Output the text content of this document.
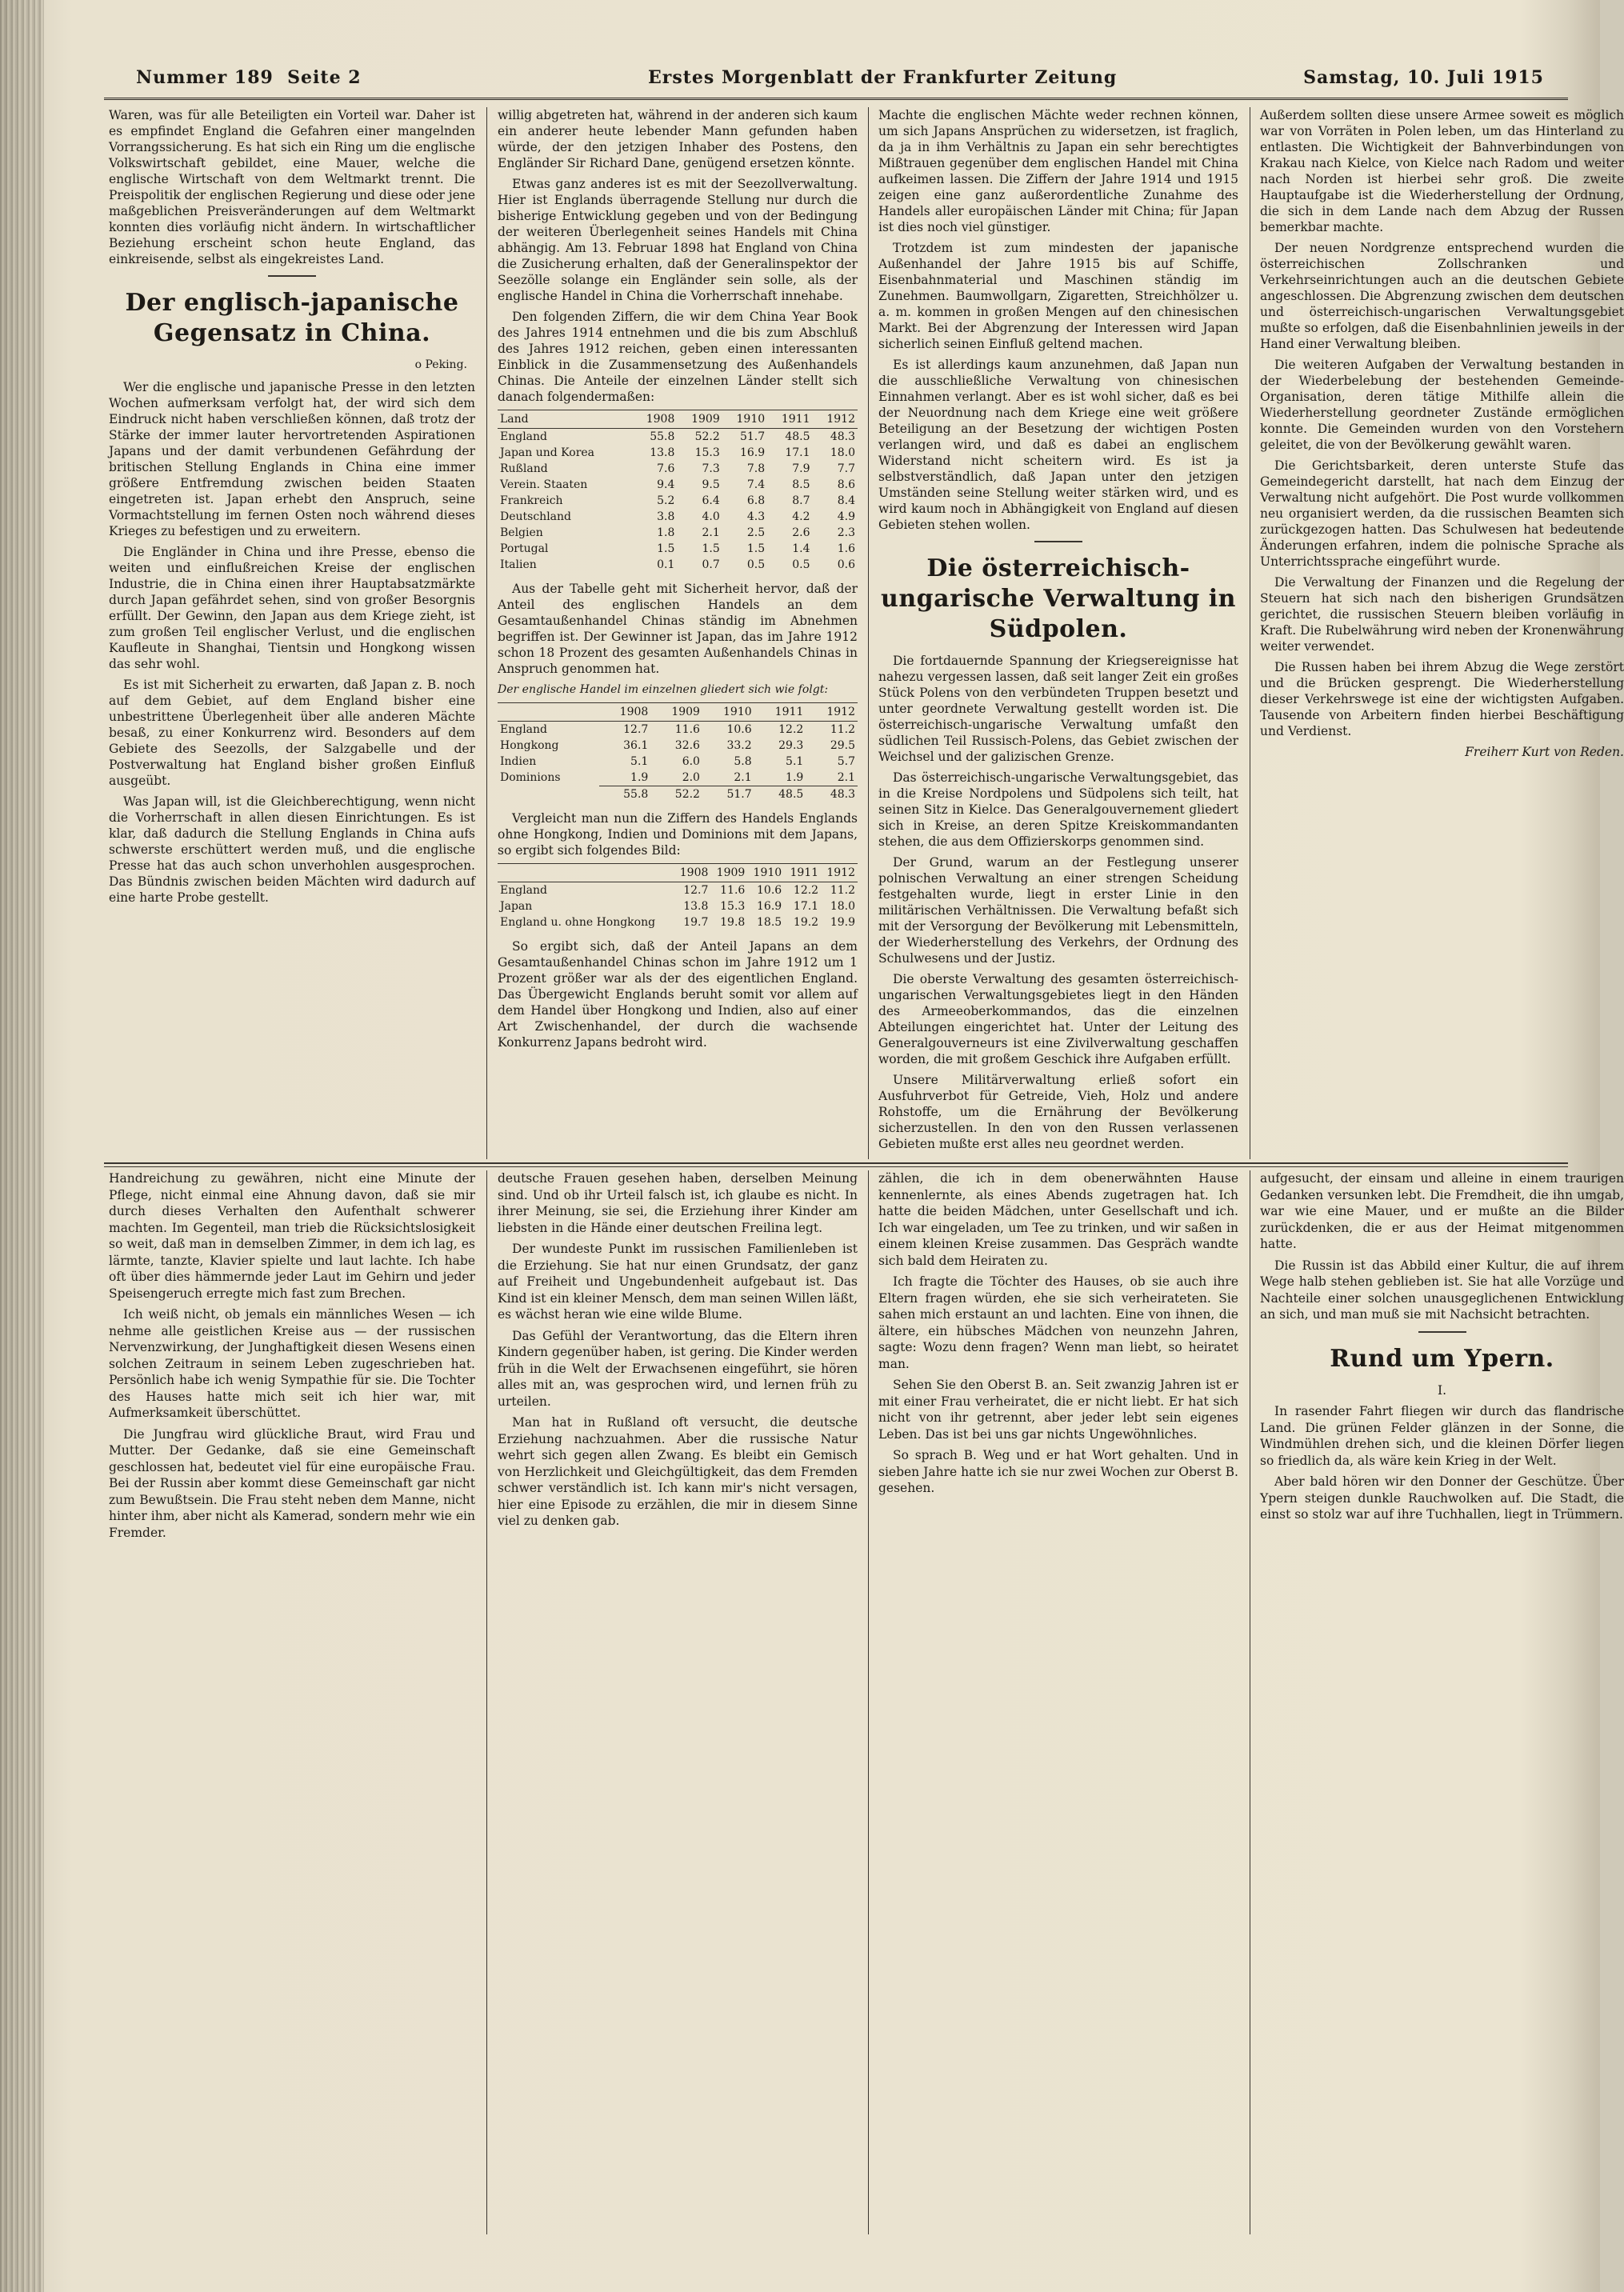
Nummer 189 Seite 2	Erstes Morgenblatt der Frankfurter Zeitung	Samstag, 10. Juli 1915

Waren, was für alle Beteiligten ein Vorteil war. Daher ist es empfindet England die Gefahren einer mangelnden Vorrangssicherung. Es hat sich ein Ring um die englische Volkswirtschaft gebildet, eine Mauer, welche die englische Wirtschaft von dem Weltmarkt trennt. Die Preispolitik der englischen Regierung und diese oder jene maßgeblichen Preisveränderungen auf dem Weltmarkt konnten dies vorläufig nicht ändern. In wirtschaftlicher Beziehung erscheint schon heute England, das einkreisende, selbst als eingekreistes Land.

Der englisch-japanische Gegensatz in China.
o Peking.

Wer die englische und japanische Presse in den letzten Wochen aufmerksam verfolgt hat, der wird sich dem Eindruck nicht haben verschließen können, daß trotz der Stärke der immer lauter hervortretenden Aspirationen Japans und der damit verbundenen Gefährdung der britischen Stellung Englands in China eine immer größere Entfremdung zwischen beiden Staaten eingetreten ist. Japan erhebt den Anspruch, seine Vormachtstellung im fernen Osten noch während dieses Krieges zu befestigen und zu erweitern.

Die Engländer in China und ihre Presse, ebenso die weiten und einflußreichen Kreise der englischen Industrie, die in China einen ihrer Hauptabsatzmärkte durch Japan gefährdet sehen, sind von großer Besorgnis erfüllt. Der Gewinn, den Japan aus dem Kriege zieht, ist zum großen Teil englischer Verlust, und die englischen Kaufleute in Shanghai, Tientsin und Hongkong wissen das sehr wohl.

Es ist mit Sicherheit zu erwarten, daß Japan z. B. noch auf dem Gebiet, auf dem England bisher eine unbestrittene Überlegenheit über alle anderen Mächte besaß, zu einer Konkurrenz wird. Besonders auf dem Gebiete des Seezolls, der Salzgabelle und der Postverwaltung hat England bisher großen Einfluß ausgeübt.

Was Japan will, ist die Gleichberechtigung, wenn nicht die Vorherrschaft in allen diesen Einrichtungen. Es ist klar, daß dadurch die Stellung Englands in China aufs schwerste erschüttert werden muß, und die englische Presse hat das auch schon unverhohlen ausgesprochen. Das Bündnis zwischen beiden Mächten wird dadurch auf eine harte Probe gestellt.

willig abgetreten hat, während in der anderen sich kaum ein anderer heute lebender Mann gefunden haben würde, der den jetzigen Inhaber des Postens, den Engländer Sir Richard Dane, genügend ersetzen könnte.

Etwas ganz anderes ist es mit der Seezollverwaltung. Hier ist Englands überragende Stellung nur durch die bisherige Entwicklung gegeben und von der Bedingung der weiteren Überlegenheit seines Handels mit China abhängig. Am 13. Februar 1898 hat England von China die Zusicherung erhalten, daß der Generalinspektor der Seezölle solange ein Engländer sein solle, als der englische Handel in China die Vorherrschaft innehabe.

Den folgenden Ziffern, die wir dem China Year Book des Jahres 1914 entnehmen und die bis zum Abschluß des Jahres 1912 reichen, geben einen interessanten Einblick in die Zusammensetzung des Außenhandels Chinas. Die Anteile der einzelnen Länder stellt sich danach folgendermaßen:

Land	1908	1909	1910	1911	1912
England	55.8	52.2	51.7	48.5	48.3
Japan und Korea	13.8	15.3	16.9	17.1	18.0
Rußland	7.6	7.3	7.8	7.9	7.7
Verein. Staaten	9.4	9.5	7.4	8.5	8.6
Frankreich	5.2	6.4	6.8	8.7	8.4
Deutschland	3.8	4.0	4.3	4.2	4.9
Belgien	1.8	2.1	2.5	2.6	2.3
Portugal	1.5	1.5	1.5	1.4	1.6
Italien	0.1	0.7	0.5	0.5	0.6

Aus der Tabelle geht mit Sicherheit hervor, daß der Anteil des englischen Handels an dem Gesamtaußenhandel Chinas ständig im Abnehmen begriffen ist. Der Gewinner ist Japan, das im Jahre 1912 schon 18 Prozent des gesamten Außenhandels Chinas in Anspruch genommen hat.

Der englische Handel im einzelnen gliedert sich wie folgt:

	1908	1909	1910	1911	1912
England	12.7	11.6	10.6	12.2	11.2
Hongkong	36.1	32.6	33.2	29.3	29.5
Indien	5.1	6.0	5.8	5.1	5.7
Dominions	1.9	2.0	2.1	1.9	2.1
	55.8	52.2	51.7	48.5	48.3

Vergleicht man nun die Ziffern des Handels Englands ohne Hongkong, Indien und Dominions mit dem Japans, so ergibt sich folgendes Bild:

	1908	1909	1910	1911	1912
England	12.7	11.6	10.6	12.2	11.2
Japan	13.8	15.3	16.9	17.1	18.0
England u. ohne Hongkong	19.7	19.8	18.5	19.2	19.9

So ergibt sich, daß der Anteil Japans an dem Gesamtaußenhandel Chinas schon im Jahre 1912 um 1 Prozent größer war als der des eigentlichen England. Das Übergewicht Englands beruht somit vor allem auf dem Handel über Hongkong und Indien, also auf einer Art Zwischenhandel, der durch die wachsende Konkurrenz Japans bedroht wird.

Machte die englischen Mächte weder rechnen können, um sich Japans Ansprüchen zu widersetzen, ist fraglich, da ja in ihm Verhältnis zu Japan ein sehr berechtigtes Mißtrauen gegenüber dem englischen Handel mit China aufkeimen lassen. Die Ziffern der Jahre 1914 und 1915 zeigen eine ganz außerordentliche Zunahme des Handels aller europäischen Länder mit China; für Japan ist dies noch viel günstiger.

Trotzdem ist zum mindesten der japanische Außenhandel der Jahre 1915 bis auf Schiffe, Eisenbahnmaterial und Maschinen ständig im Zunehmen. Baumwollgarn, Zigaretten, Streichhölzer u. a. m. kommen in großen Mengen auf den chinesischen Markt. Bei der Abgrenzung der Interessen wird Japan sicherlich seinen Einfluß geltend machen.

Es ist allerdings kaum anzunehmen, daß Japan nun die ausschließliche Verwaltung von chinesischen Einnahmen verlangt. Aber es ist wohl sicher, daß es bei der Neuordnung nach dem Kriege eine weit größere Beteiligung an der Besetzung der wichtigen Posten verlangen wird, und daß es dabei an englischem Widerstand nicht scheitern wird. Es ist ja selbstverständlich, daß Japan unter den jetzigen Umständen seine Stellung weiter stärken wird, und es wird kaum noch in Abhängigkeit von England auf diesen Gebieten stehen wollen.

Die österreichisch-ungarische Verwaltung in Südpolen.

Die fortdauernde Spannung der Kriegsereignisse hat nahezu vergessen lassen, daß seit langer Zeit ein großes Stück Polens von den verbündeten Truppen besetzt und unter geordnete Verwaltung gestellt worden ist. Die österreichisch-ungarische Verwaltung umfaßt den südlichen Teil Russisch-Polens, das Gebiet zwischen der Weichsel und der galizischen Grenze.

Das österreichisch-ungarische Verwaltungsgebiet, das in die Kreise Nordpolens und Südpolens sich teilt, hat seinen Sitz in Kielce. Das Generalgouvernement gliedert sich in Kreise, an deren Spitze Kreiskommandanten stehen, die aus dem Offizierskorps genommen sind.

Der Grund, warum an der Festlegung unserer polnischen Verwaltung an einer strengen Scheidung festgehalten wurde, liegt in erster Linie in den militärischen Verhältnissen. Die Verwaltung befaßt sich mit der Versorgung der Bevölkerung mit Lebensmitteln, der Wiederherstellung des Verkehrs, der Ordnung des Schulwesens und der Justiz.

Die oberste Verwaltung des gesamten österreichisch-ungarischen Verwaltungsgebietes liegt in den Händen des Armeeoberkommandos, das die einzelnen Abteilungen eingerichtet hat. Unter der Leitung des Generalgouverneurs ist eine Zivilverwaltung geschaffen worden, die mit großem Geschick ihre Aufgaben erfüllt.

Unsere Militärverwaltung erließ sofort ein Ausfuhrverbot für Getreide, Vieh, Holz und andere Rohstoffe, um die Ernährung der Bevölkerung sicherzustellen. In den von den Russen verlassenen Gebieten mußte erst alles neu geordnet werden.

Außerdem sollten diese unsere Armee soweit es möglich war von Vorräten in Polen leben, um das Hinterland zu entlasten. Die Wichtigkeit der Bahnverbindungen von Krakau nach Kielce, von Kielce nach Radom und weiter nach Norden ist hierbei sehr groß. Die zweite Hauptaufgabe ist die Wiederherstellung der Ordnung, die sich in dem Lande nach dem Abzug der Russen bemerkbar machte.

Der neuen Nordgrenze entsprechend wurden die österreichischen Zollschranken und Verkehrseinrichtungen auch an die deutschen Gebiete angeschlossen. Die Abgrenzung zwischen dem deutschen und österreichisch-ungarischen Verwaltungsgebiet mußte so erfolgen, daß die Eisenbahnlinien jeweils in der Hand einer Verwaltung bleiben.

Die weiteren Aufgaben der Verwaltung bestanden in der Wiederbelebung der bestehenden Gemeinde-Organisation, deren tätige Mithilfe allein die Wiederherstellung geordneter Zustände ermöglichen konnte. Die Gemeinden wurden von den Vorstehern geleitet, die von der Bevölkerung gewählt waren.

Die Gerichtsbarkeit, deren unterste Stufe das Gemeindegericht darstellt, hat nach dem Einzug der Verwaltung nicht aufgehört. Die Post wurde vollkommen neu organisiert werden, da die russischen Beamten sich zurückgezogen hatten. Das Schulwesen hat bedeutende Änderungen erfahren, indem die polnische Sprache als Unterrichtssprache eingeführt wurde.

Die Verwaltung der Finanzen und die Regelung der Steuern hat sich nach den bisherigen Grundsätzen gerichtet, die russischen Steuern bleiben vorläufig in Kraft. Die Rubelwährung wird neben der Kronenwährung weiter verwendet.

Die Russen haben bei ihrem Abzug die Wege zerstört und die Brücken gesprengt. Die Wiederherstellung dieser Verkehrswege ist eine der wichtigsten Aufgaben. Tausende von Arbeitern finden hierbei Beschäftigung und Verdienst.

Freiherr Kurt von Reden.

Handreichung zu gewähren, nicht eine Minute der Pflege, nicht einmal eine Ahnung davon, daß sie mir durch dieses Verhalten den Aufenthalt schwerer machten. Im Gegenteil, man trieb die Rücksichtslosigkeit so weit, daß man in demselben Zimmer, in dem ich lag, es lärmte, tanzte, Klavier spielte und laut lachte. Ich habe oft über dies hämmernde jeder Laut im Gehirn und jeder Speisengeruch erregte mich fast zum Brechen.

Ich weiß nicht, ob jemals ein männliches Wesen — ich nehme alle geistlichen Kreise aus — der russischen Nervenzwirkung, der Junghaftigkeit diesen Wesens einen solchen Zeitraum in seinem Leben zugeschrieben hat. Persönlich habe ich wenig Sympathie für sie. Die Tochter des Hauses hatte mich seit ich hier war, mit Aufmerksamkeit überschüttet.

Die Jungfrau wird glückliche Braut, wird Frau und Mutter. Der Gedanke, daß sie eine Gemeinschaft geschlossen hat, bedeutet viel für eine europäische Frau. Bei der Russin aber kommt diese Gemeinschaft gar nicht zum Bewußtsein. Die Frau steht neben dem Manne, nicht hinter ihm, aber nicht als Kamerad, sondern mehr wie ein Fremder.

deutsche Frauen gesehen haben, derselben Meinung sind. Und ob ihr Urteil falsch ist, ich glaube es nicht. In ihrer Meinung, sie sei, die Erziehung ihrer Kinder am liebsten in die Hände einer deutschen Freilina legt.

Der wundeste Punkt im russischen Familienleben ist die Erziehung. Sie hat nur einen Grundsatz, der ganz auf Freiheit und Ungebundenheit aufgebaut ist. Das Kind ist ein kleiner Mensch, dem man seinen Willen läßt, es wächst heran wie eine wilde Blume.

Das Gefühl der Verantwortung, das die Eltern ihren Kindern gegenüber haben, ist gering. Die Kinder werden früh in die Welt der Erwachsenen eingeführt, sie hören alles mit an, was gesprochen wird, und lernen früh zu urteilen.

Man hat in Rußland oft versucht, die deutsche Erziehung nachzuahmen. Aber die russische Natur wehrt sich gegen allen Zwang. Es bleibt ein Gemisch von Herzlichkeit und Gleichgültigkeit, das dem Fremden schwer verständlich ist. Ich kann mir's nicht versagen, hier eine Episode zu erzählen, die mir in diesem Sinne viel zu denken gab.

zählen, die ich in dem obenerwähnten Hause kennenlernte, als eines Abends zugetragen hat. Ich hatte die beiden Mädchen, unter Gesellschaft und ich. Ich war eingeladen, um Tee zu trinken, und wir saßen in einem kleinen Kreise zusammen. Das Gespräch wandte sich bald dem Heiraten zu.

Ich fragte die Töchter des Hauses, ob sie auch ihre Eltern fragen würden, ehe sie sich verheirateten. Sie sahen mich erstaunt an und lachten. Eine von ihnen, die ältere, ein hübsches Mädchen von neunzehn Jahren, sagte: Wozu denn fragen? Wenn man liebt, so heiratet man.

Sehen Sie den Oberst B. an. Seit zwanzig Jahren ist er mit einer Frau verheiratet, die er nicht liebt. Er hat sich nicht von ihr getrennt, aber jeder lebt sein eigenes Leben. Das ist bei uns gar nichts Ungewöhnliches.

So sprach B. Weg und er hat Wort gehalten. Und in sieben Jahre hatte ich sie nur zwei Wochen zur Oberst B. gesehen.

aufgesucht, der einsam und alleine in einem traurigen Gedanken versunken lebt. Die Fremdheit, die ihn umgab, war wie eine Mauer, und er mußte an die Bilder zurückdenken, die er aus der Heimat mitgenommen hatte.

Die Russin ist das Abbild einer Kultur, die auf ihrem Wege halb stehen geblieben ist. Sie hat alle Vorzüge und Nachteile einer solchen unausgeglichenen Entwicklung an sich, und man muß sie mit Nachsicht betrachten.

Rund um Ypern.
I.

In rasender Fahrt fliegen wir durch das flandrische Land. Die grünen Felder glänzen in der Sonne, die Windmühlen drehen sich, und die kleinen Dörfer liegen so friedlich da, als wäre kein Krieg in der Welt.

Aber bald hören wir den Donner der Geschütze. Über Ypern steigen dunkle Rauchwolken auf. Die Stadt, die einst so stolz war auf ihre Tuchhallen, liegt in Trümmern.
